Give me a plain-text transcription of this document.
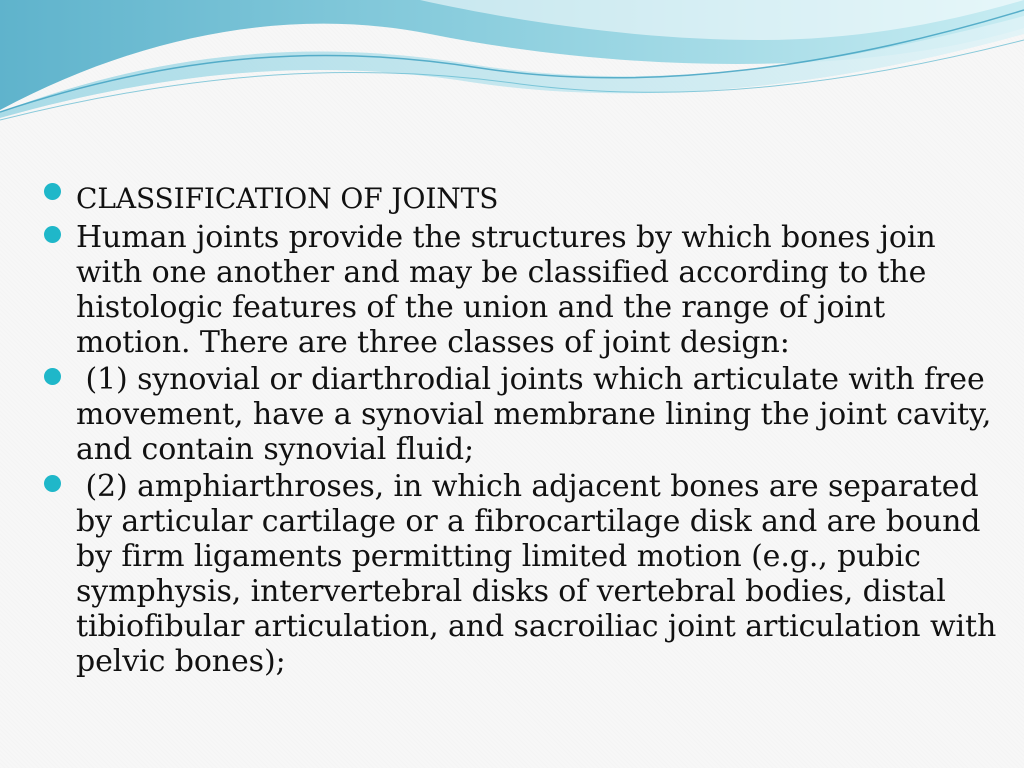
CLASSIFICATION OF JOINTS
Human joints provide the structures by which bones join with one another and may be classified according to the histologic features of the union and the range of joint motion. There are three classes of joint design:
(1) synovial or diarthrodial joints which articulate with free movement, have a synovial membrane lining the joint cavity, and contain synovial fluid;
(2) amphiarthroses, in which adjacent bones are separated by articular cartilage or a fibrocartilage disk and are bound by firm ligaments permitting limited motion (e.g., pubic symphysis, intervertebral disks of vertebral bodies, distal tibiofibular articulation, and sacroiliac joint articulation with pelvic bones);
